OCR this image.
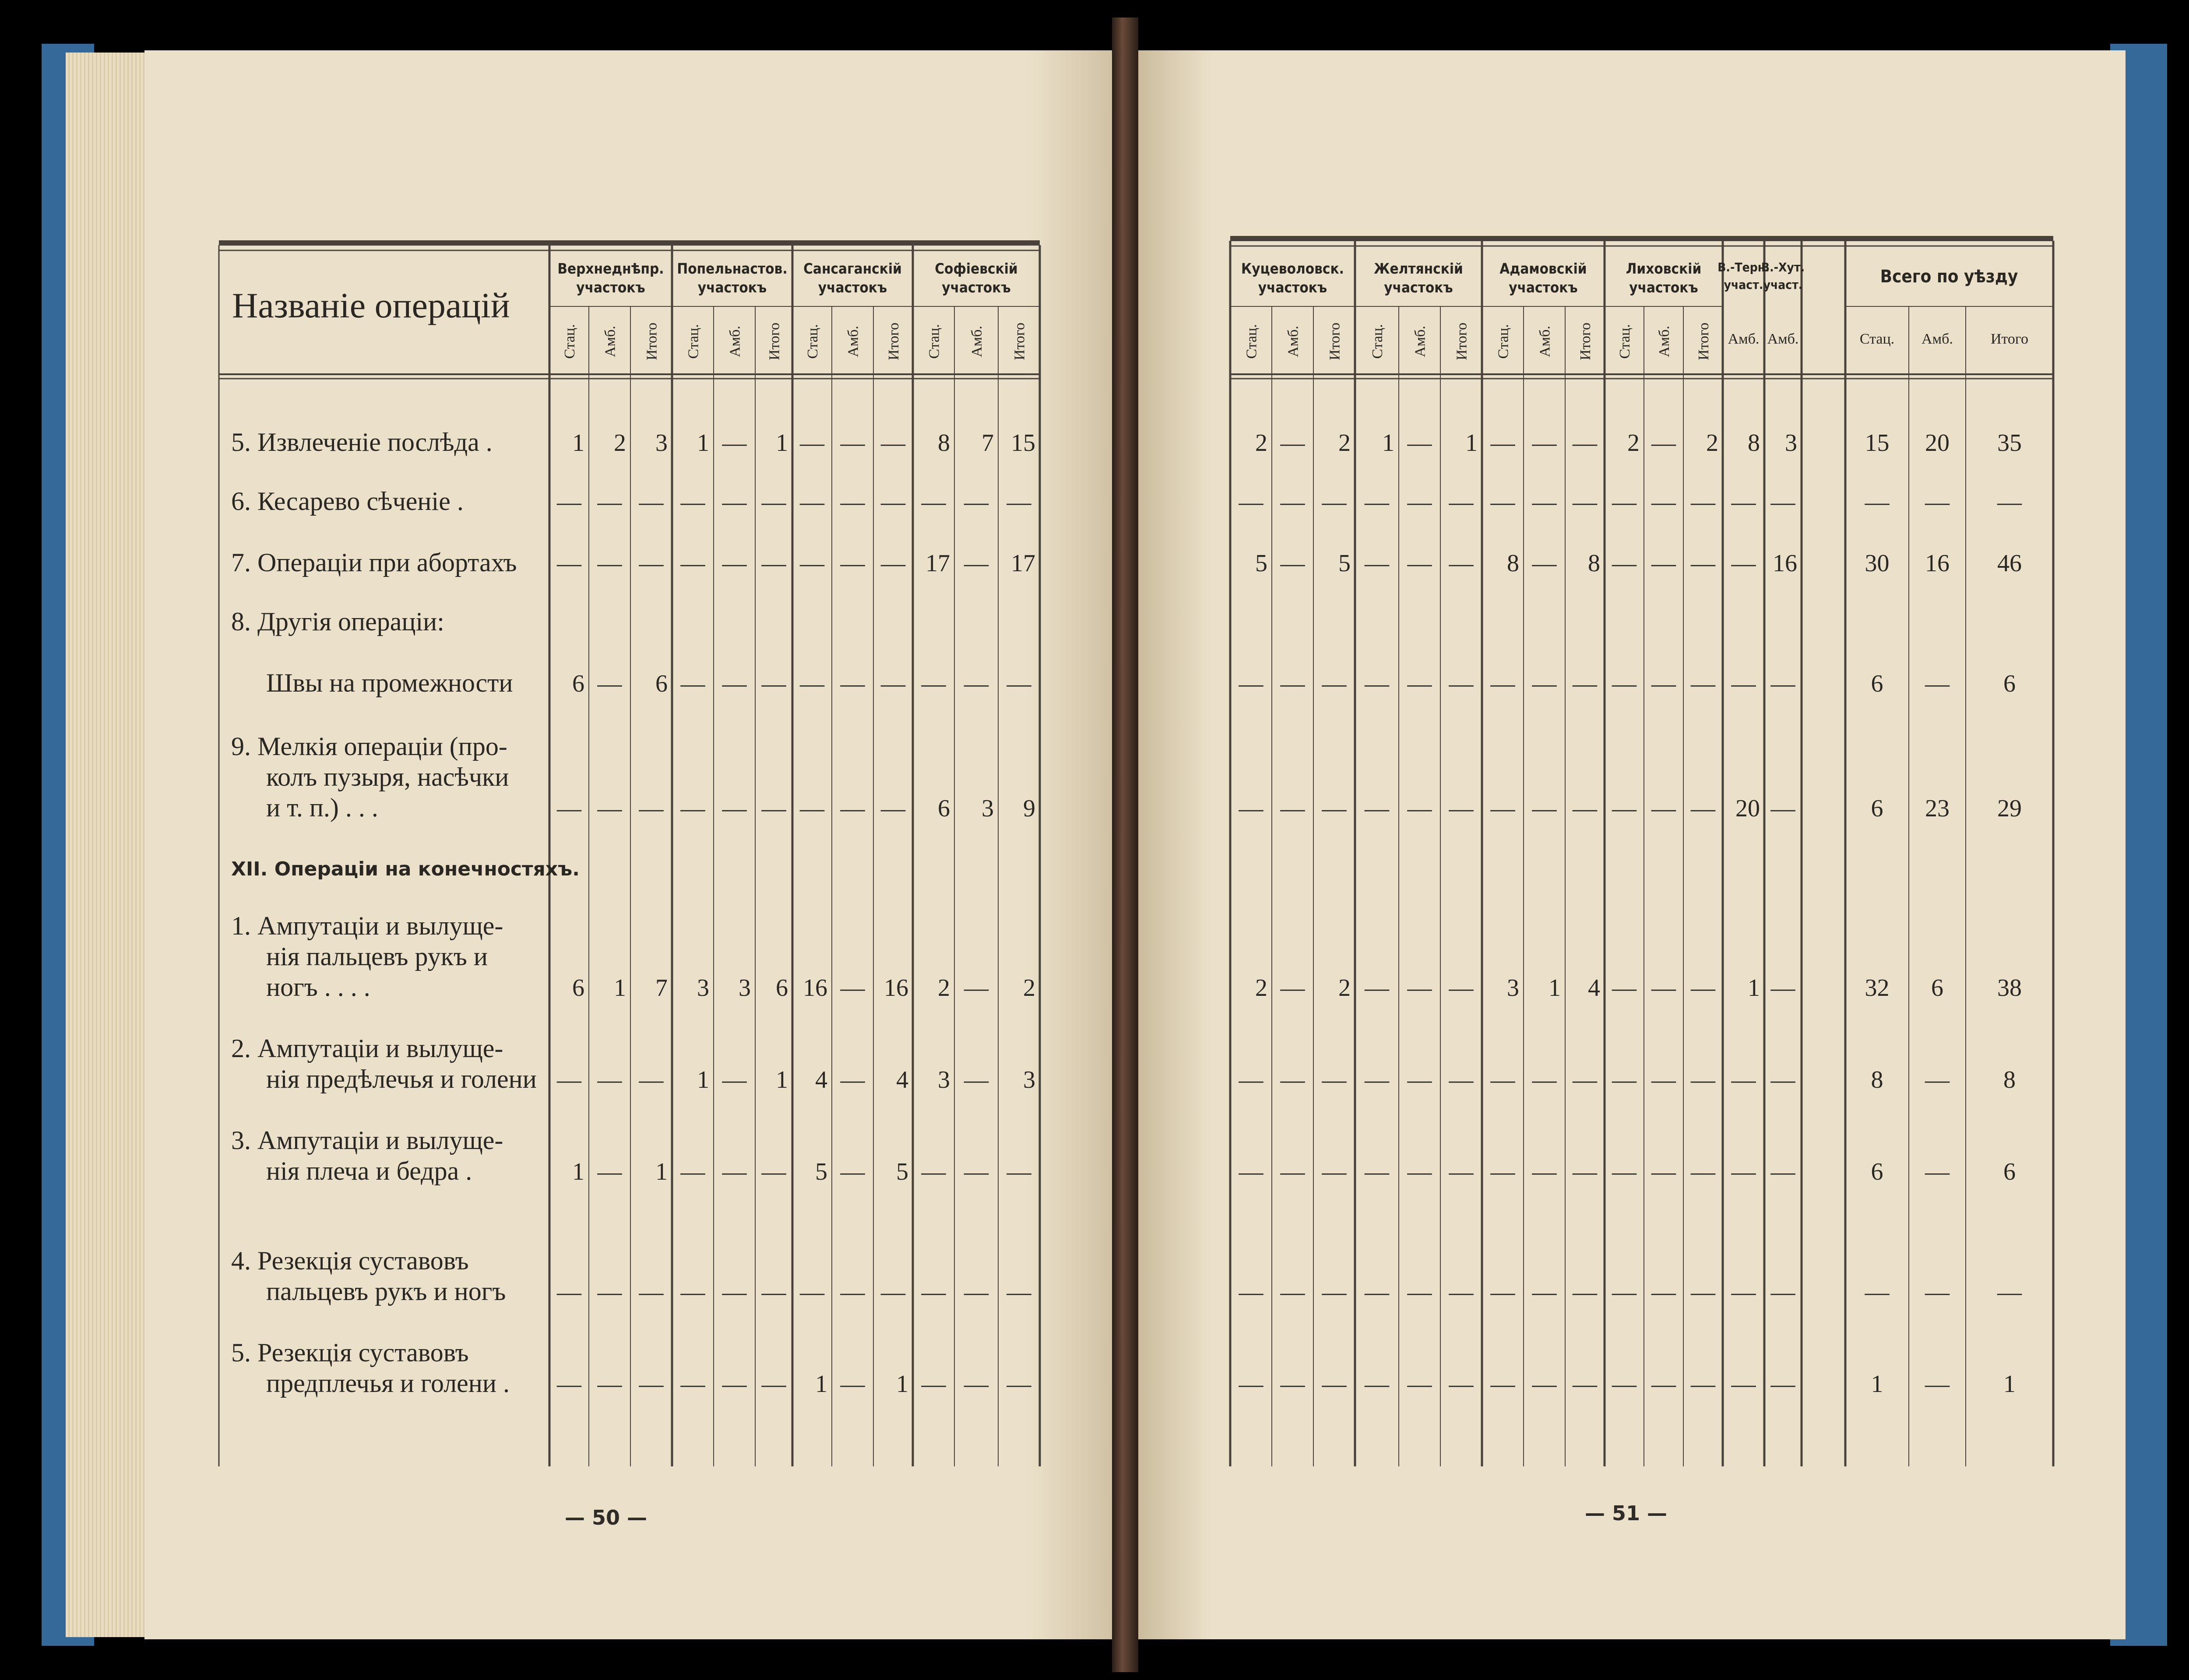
Названіе операцій
Верхнеднѣпр.
участокъ
Стац. Амб. Итого
Попельнастов.
участокъ
Стац. Амб. Итого
Сансаганскій
участокъ
Стац. Амб. Итого
Софіевскій
участокъ
Стац. Амб. Итого
5. Извлеченіе послѣда .	1 2 3 1 — 1 — — — 8 7 15
6. Кесарево сѣченіе .	— — — — — — — — — — — —
7. Операціи при абортахъ — — — — — — — — — 17 — 17
8. Другія операціи:
Швы на промежности 6 — 6 — — — — — — — — —
9. Мелкія операціи (про-
колъ пузыря, насѣчки
и т. п.) . . .	— — — — — — — — — 6 3 9
XII. Операціи на конечностяхъ.
1. Ампутаціи и вылуще-
нія пальцевъ рукъ и
ногъ . . . .	6 1 7 3 3 6 16 — 16 2 — 2
2. Ампутаціи и вылуще-
нія предѣлечья и голени — — — 1 — 1 4 — 4 3 — 3
3. Ампутаціи и вылуще-
нія плеча и бедра .	1 — 1 — — — 5 — 5 — — —
4. Резекція суставовъ
пальцевъ рукъ и ногъ — — — — — — — — — — — —
5. Резекція суставовъ
предплечья и голени . — — — — — — 1 — 1 — — —
Куцеволовск.
участокъ
Стац. Амб. Итого
Желтянскій
участокъ
Стац. Амб. Итого
Адамовскій
участокъ
Стац. Амб. Итого
Лиховскій
участокъ
Стац. Амб. Итого
В.-Терн.
участ.
Амб.
В.-Хут.
участ.
Амб.
Всего по уѣзду
Стац. Амб.	Итого
2 — 2 1 — 1 — — — 2 — 2 8 3	15 20 35
— — — — — — — — — — — — — —	— — —
5 — 5 — — — 8 — 8 — — — — 16	30 16 46
— — — — — — — — — — — — — —	6 — 6
— — — — — — — — — — — — 20 —	6 23 29
2 — 2 — — — 3 1 4 — — — 1 —	32 6 38
— — — — — — — — — — — — — —	8 — 8
— — — — — — — — — — — — — —	6 — 6
— — — — — — — — — — — — — —	— — —
— — — — — — — — — — — — — —	1 — 1
— 50 —	— 51 —
